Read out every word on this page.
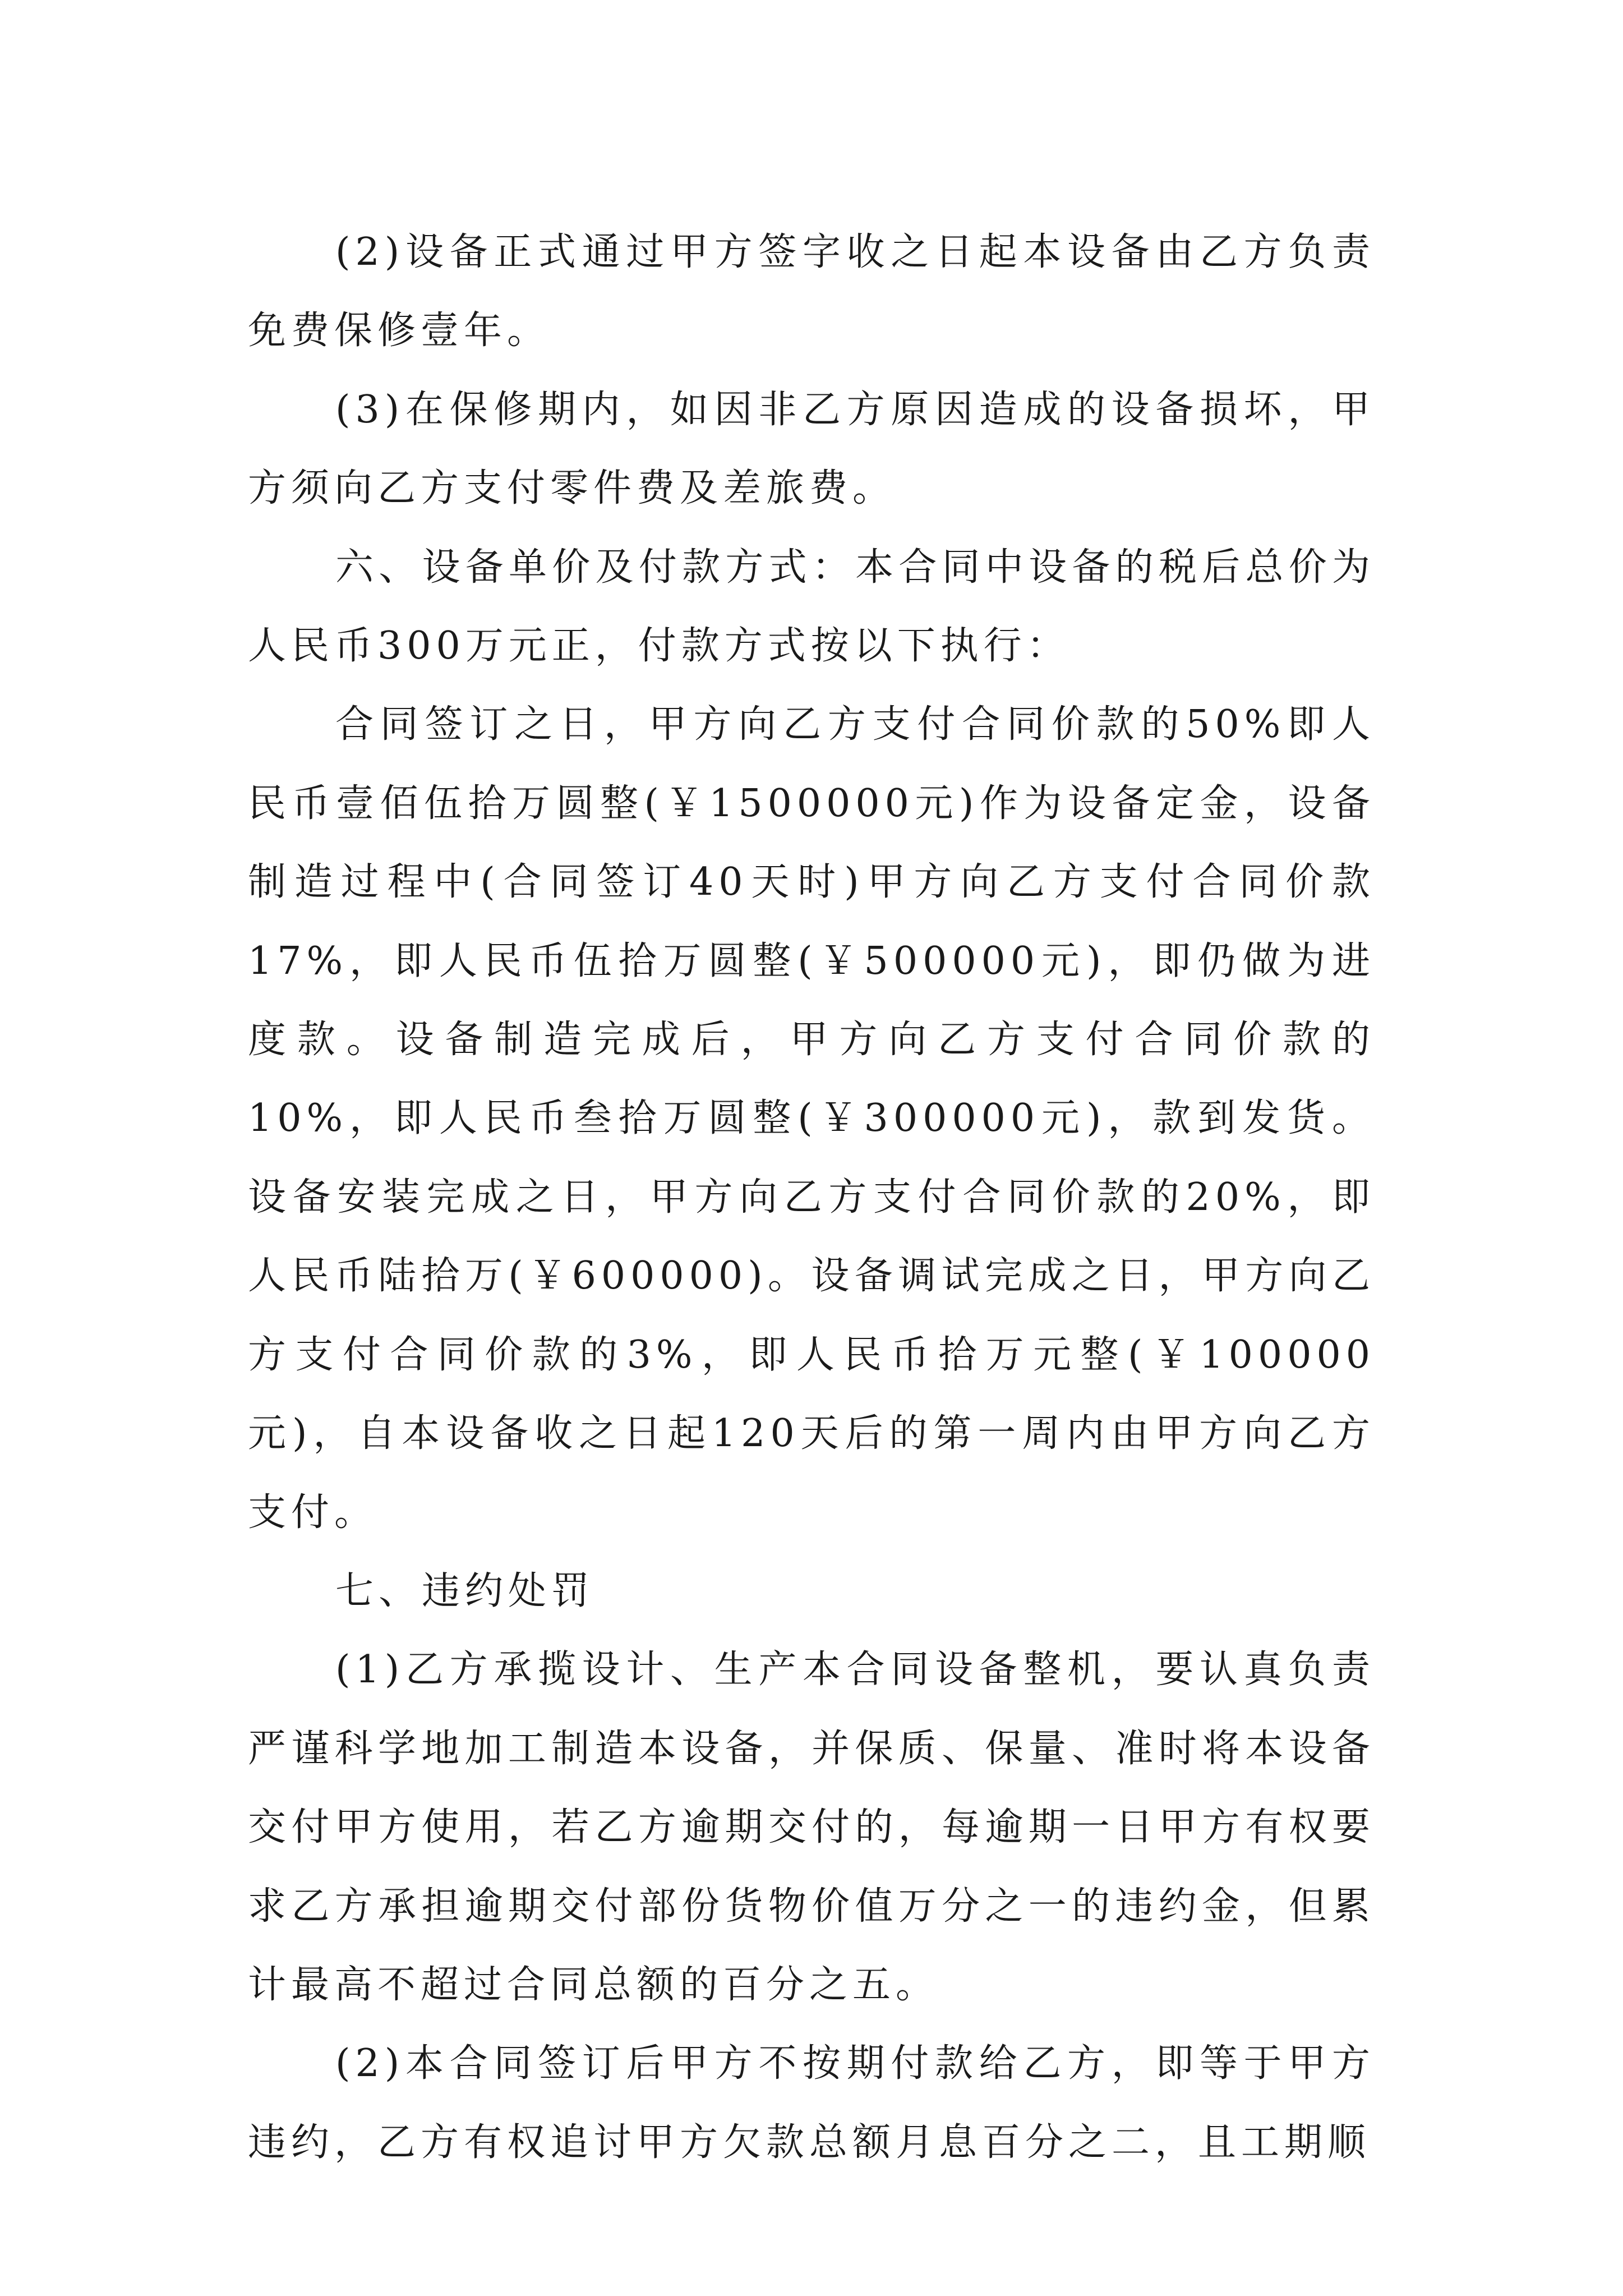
(2)设备正式通过甲方签字收之日起本设备由乙方负责免费保修壹年。

(3)在保修期内，如因非乙方原因造成的设备损坏，甲方须向乙方支付零件费及差旅费。

六、设备单价及付款方式：本合同中设备的税后总价为人民币300万元正，付款方式按以下执行：

合同签订之日，甲方向乙方支付合同价款的50%即人民币壹佰伍拾万圆整(￥1500000元)作为设备定金，设备制造过程中(合同签订40天时)甲方向乙方支付合同价款17%，即人民币伍拾万圆整(￥500000元)，即仍做为进度款。设备制造完成后，甲方向乙方支付合同价款的10%，即人民币叁拾万圆整(￥300000元)，款到发货。设备安装完成之日，甲方向乙方支付合同价款的20%，即人民币陆拾万(￥600000)。设备调试完成之日，甲方向乙方支付合同价款的3%，即人民币拾万元整(￥100000元)，自本设备收之日起120天后的第一周内由甲方向乙方支付。

七、违约处罚

(1)乙方承揽设计、生产本合同设备整机，要认真负责严谨科学地加工制造本设备，并保质、保量、准时将本设备交付甲方使用，若乙方逾期交付的，每逾期一日甲方有权要求乙方承担逾期交付部份货物价值万分之一的违约金，但累计最高不超过合同总额的百分之五。

(2)本合同签订后甲方不按期付款给乙方，即等于甲方违约，乙方有权追讨甲方欠款总额月息百分之二，且工期顺
